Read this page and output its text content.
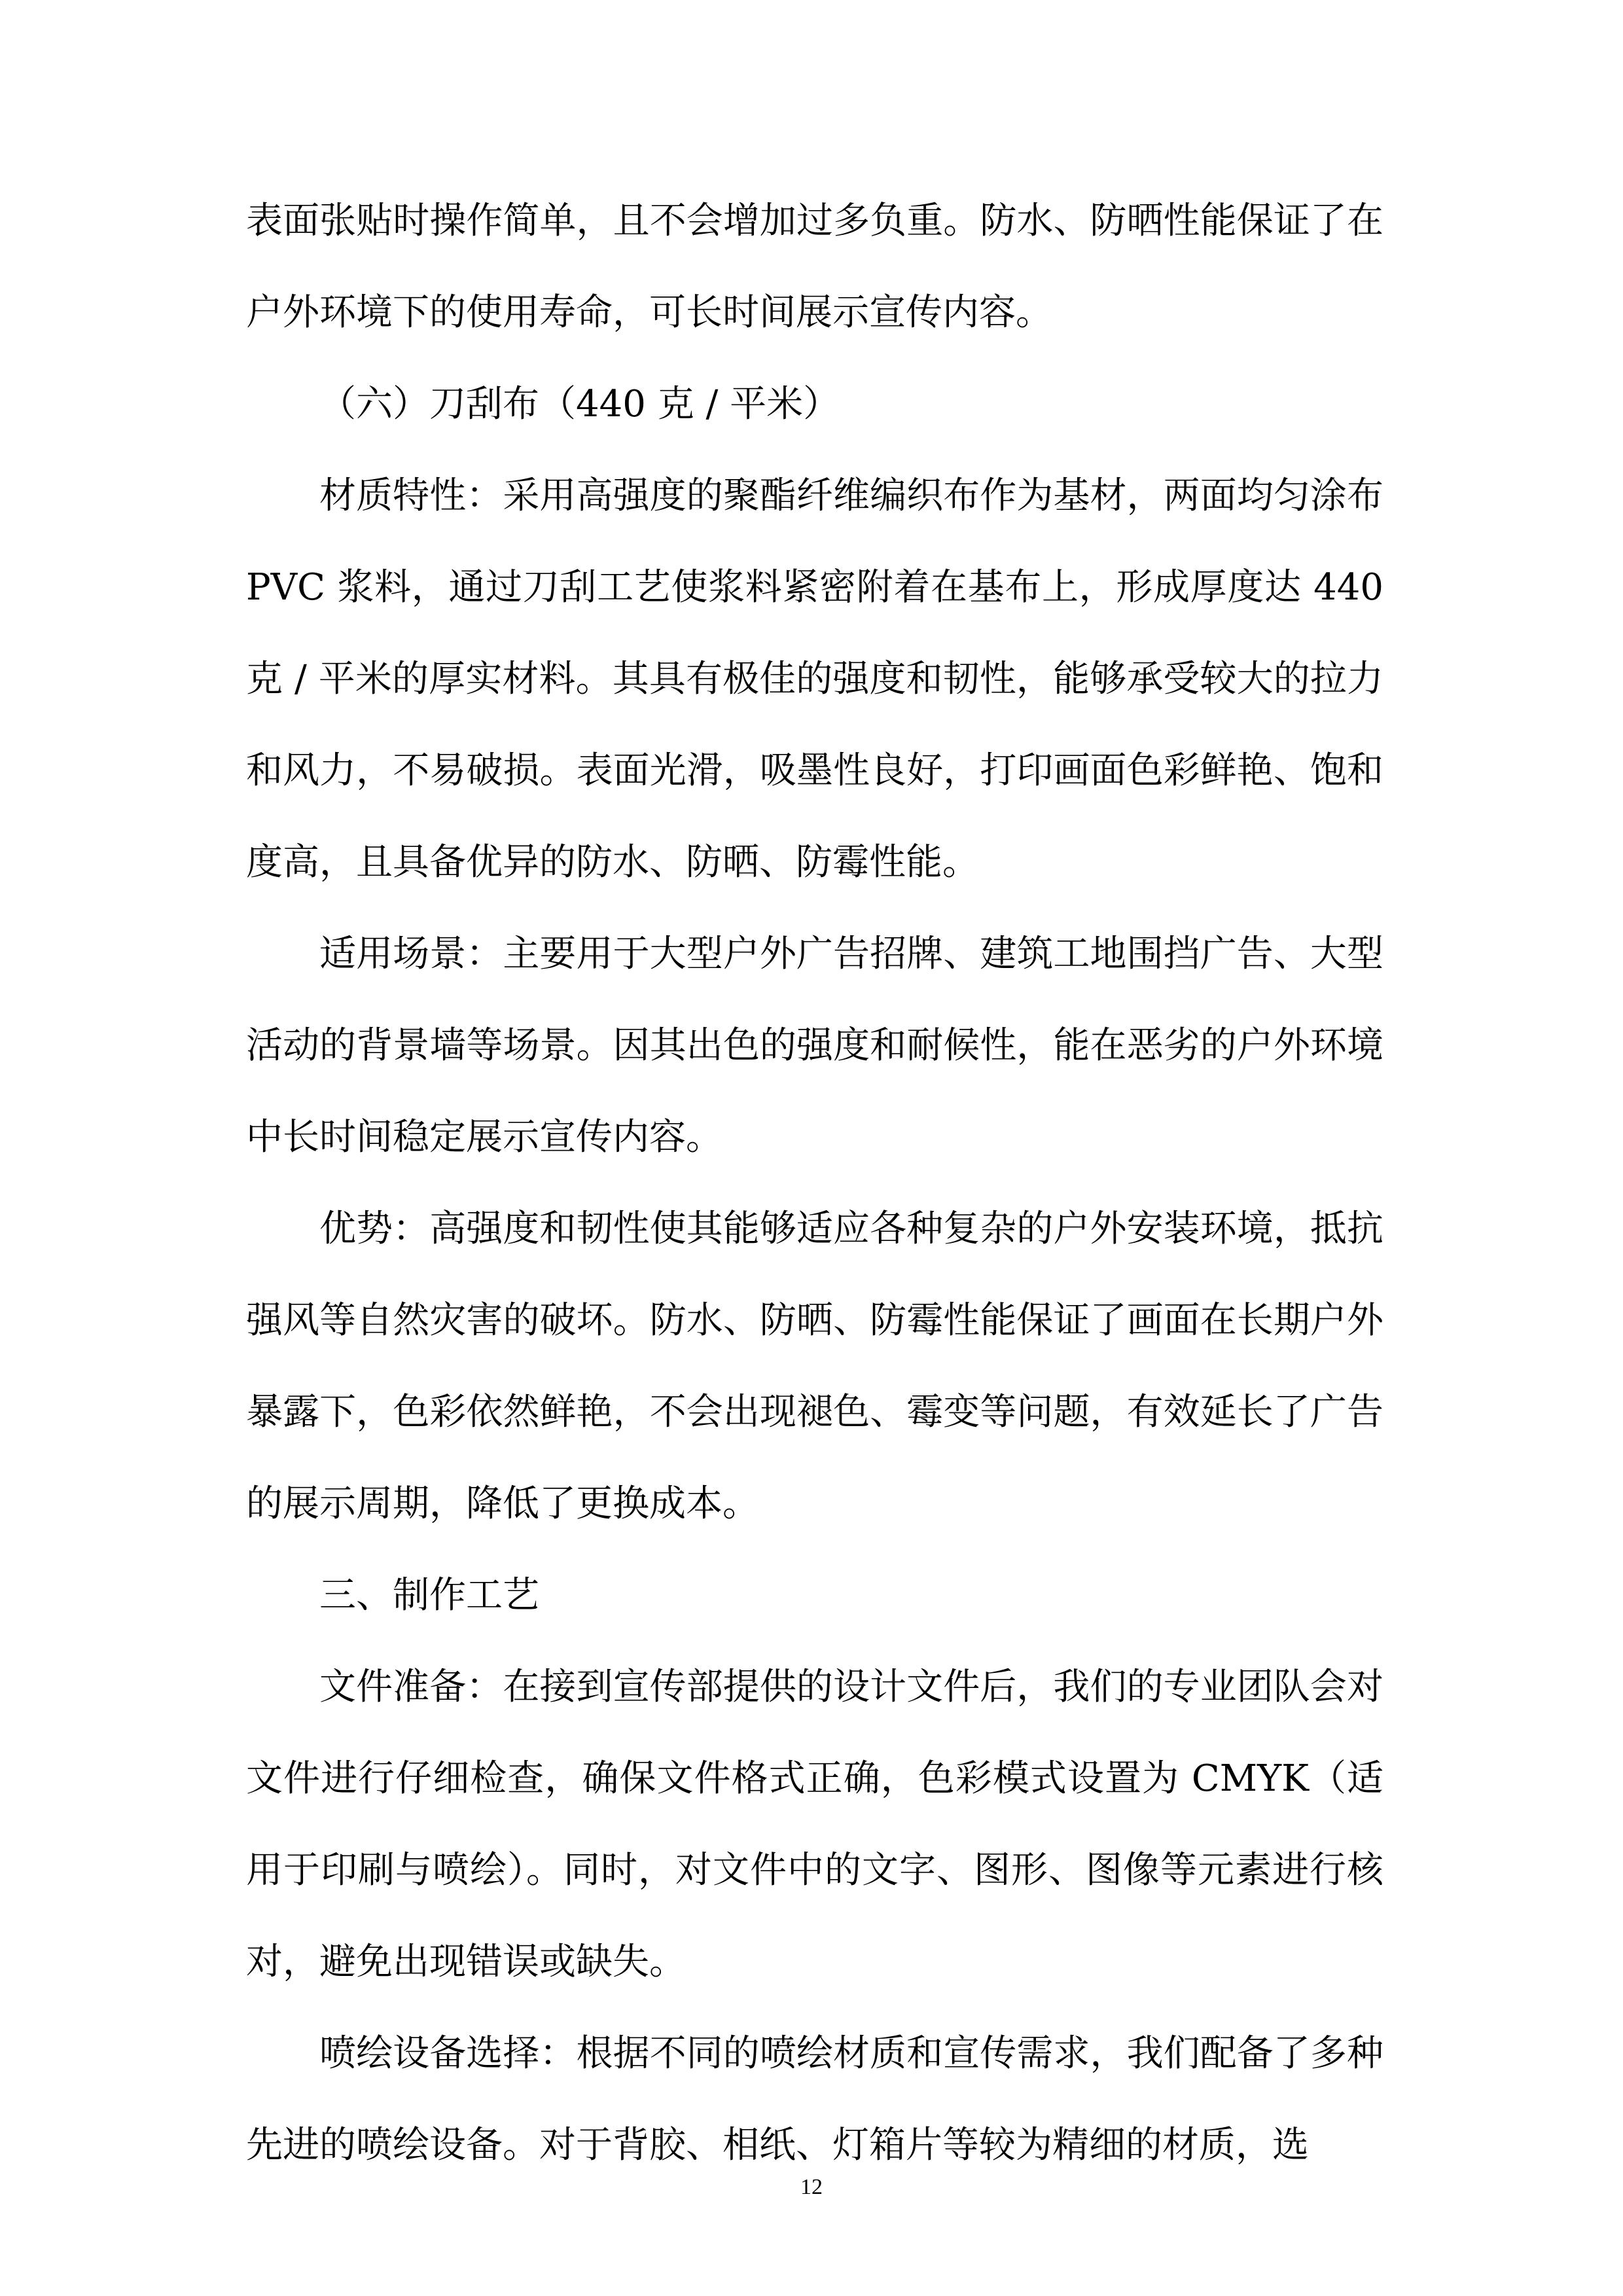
表面张贴时操作简单，且不会增加过多负重。防水、防晒性能保证了在户外环境下的使用寿命，可长时间展示宣传内容。

（六）刀刮布（440 克 / 平米）

材质特性：采用高强度的聚酯纤维编织布作为基材，两面均匀涂布 PVC 浆料，通过刀刮工艺使浆料紧密附着在基布上，形成厚度达 440 克 / 平米的厚实材料。其具有极佳的强度和韧性，能够承受较大的拉力和风力，不易破损。表面光滑，吸墨性良好，打印画面色彩鲜艳、饱和度高，且具备优异的防水、防晒、防霉性能。

适用场景：主要用于大型户外广告招牌、建筑工地围挡广告、大型活动的背景墙等场景。因其出色的强度和耐候性，能在恶劣的户外环境中长时间稳定展示宣传内容。

优势：高强度和韧性使其能够适应各种复杂的户外安装环境，抵抗强风等自然灾害的破坏。防水、防晒、防霉性能保证了画面在长期户外暴露下，色彩依然鲜艳，不会出现褪色、霉变等问题，有效延长了广告的展示周期，降低了更换成本。

三、制作工艺

文件准备：在接到宣传部提供的设计文件后，我们的专业团队会对文件进行仔细检查，确保文件格式正确，色彩模式设置为 CMYK（适用于印刷与喷绘）。同时，对文件中的文字、图形、图像等元素进行核对，避免出现错误或缺失。

喷绘设备选择：根据不同的喷绘材质和宣传需求，我们配备了多种先进的喷绘设备。对于背胶、相纸、灯箱片等较为精细的材质，选

12
